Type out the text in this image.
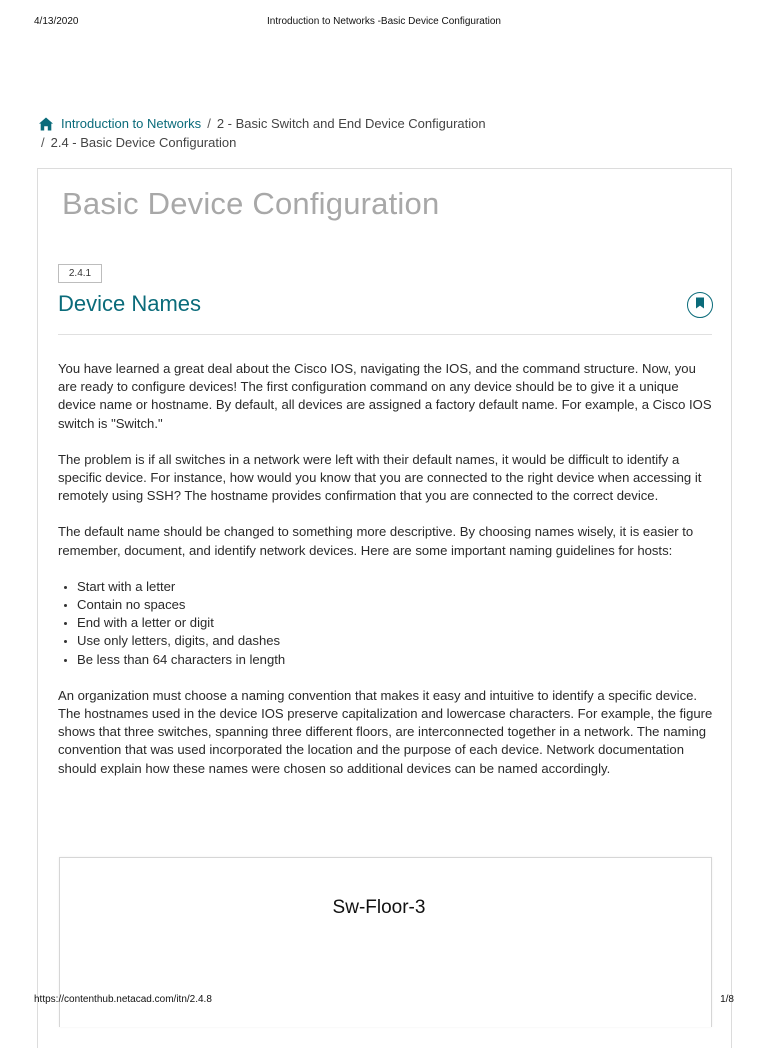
4/13/2020	Introduction to Networks -Basic Device Configuration
Introduction to Networks / 2 - Basic Switch and End Device Configuration
/ 2.4 - Basic Device Configuration
Basic Device Configuration
2.4.1
Device Names

You have learned a great deal about the Cisco IOS, navigating the IOS, and the command structure. Now, you are ready to configure devices! The first configuration command on any device should be to give it a unique device name or hostname. By default, all devices are assigned a factory default name. For example, a Cisco IOS switch is "Switch."

The problem is if all switches in a network were left with their default names, it would be difficult to identify a specific device. For instance, how would you know that you are connected to the right device when accessing it remotely using SSH? The hostname provides confirmation that you are connected to the correct device.

The default name should be changed to something more descriptive. By choosing names wisely, it is easier to remember, document, and identify network devices. Here are some important naming guidelines for hosts:

Start with a letter
Contain no spaces
End with a letter or digit
Use only letters, digits, and dashes
Be less than 64 characters in length

An organization must choose a naming convention that makes it easy and intuitive to identify a specific device. The hostnames used in the device IOS preserve capitalization and lowercase characters. For example, the figure shows that three switches, spanning three different floors, are interconnected together in a network. The naming convention that was used incorporated the location and the purpose of each device. Network documentation should explain how these names were chosen so additional devices can be named accordingly.

Sw-Floor-3
https://contenthub.netacad.com/itn/2.4.8	1/8
